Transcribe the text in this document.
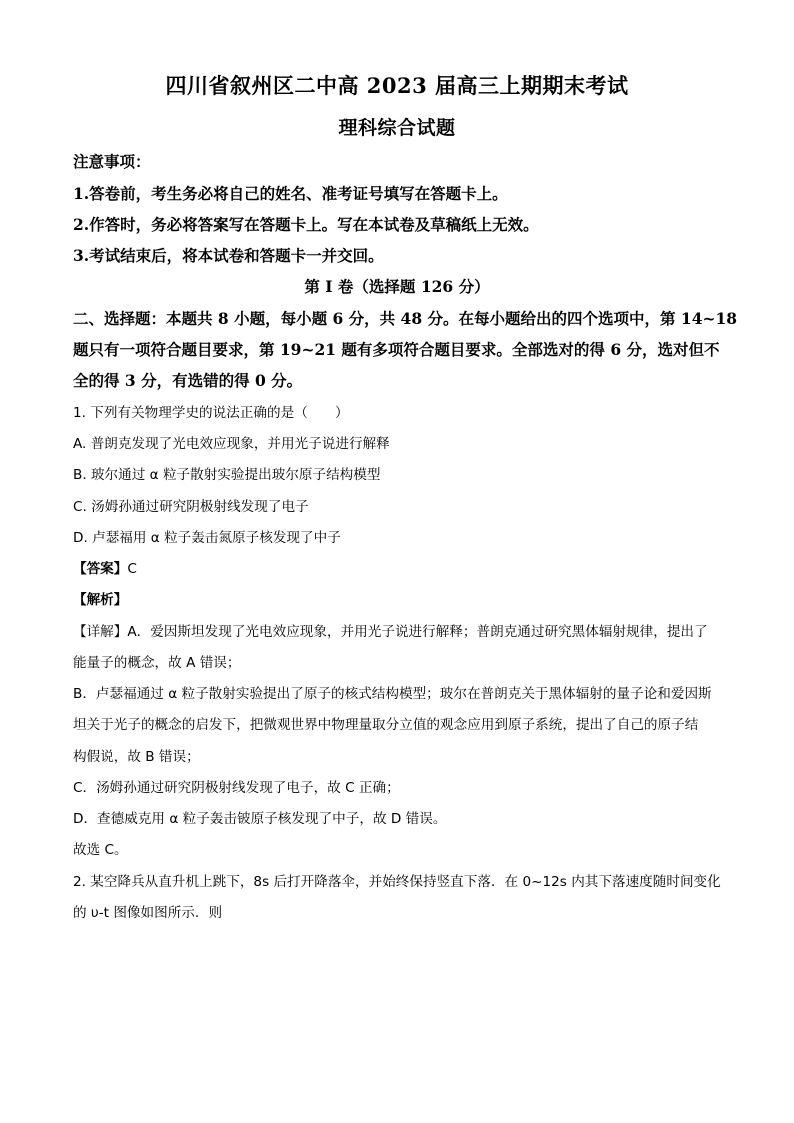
四川省叙州区二中高 2023 届高三上期期末考试
理科综合试题
注意事项：
1.答卷前，考生务必将自己的姓名、准考证号填写在答题卡上。
2.作答时，务必将答案写在答题卡上。写在本试卷及草稿纸上无效。
3.考试结束后，将本试卷和答题卡一并交回。
第 I 卷（选择题 126 分）
二、选择题：本题共 8 小题，每小题 6 分，共 48 分。在每小题给出的四个选项中，第 14~18
题只有一项符合题目要求，第 19~21 题有多项符合题目要求。全部选对的得 6 分，选对但不
全的得 3 分，有选错的得 0 分。
1. 下列有关物理学史的说法正确的是（　　）
A. 普朗克发现了光电效应现象，并用光子说进行解释
B. 玻尔通过 α 粒子散射实验提出玻尔原子结构模型
C. 汤姆孙通过研究阴极射线发现了电子
D. 卢瑟福用 α 粒子轰击氮原子核发现了中子
【答案】C
【解析】
【详解】A．爱因斯坦发现了光电效应现象，并用光子说进行解释；普朗克通过研究黑体辐射规律，提出了
能量子的概念，故 A 错误；
B．卢瑟福通过 α 粒子散射实验提出了原子的核式结构模型；玻尔在普朗克关于黑体辐射的量子论和爱因斯
坦关于光子的概念的启发下，把微观世界中物理量取分立值的观念应用到原子系统，提出了自己的原子结
构假说，故 B 错误；
C．汤姆孙通过研究阴极射线发现了电子，故 C 正确；
D．查德威克用 α 粒子轰击铍原子核发现了中子，故 D 错误。
故选 C。
2. 某空降兵从直升机上跳下，8s 后打开降落伞，并始终保持竖直下落．在 0~12s 内其下落速度随时间变化
的 υ-t 图像如图所示．则
